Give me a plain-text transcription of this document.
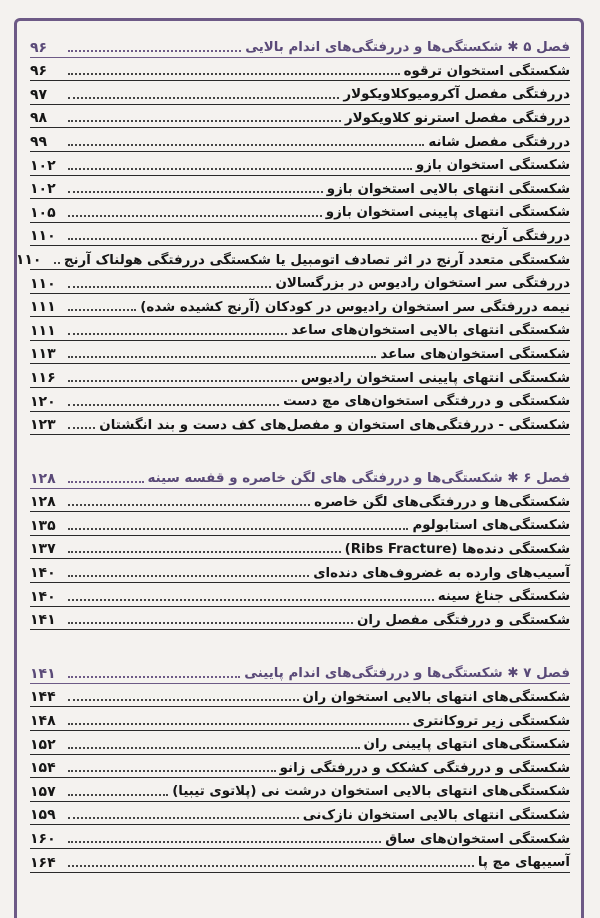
فصل ۵ ✱ شکستگی‌ها و دررفتگی‌های اندام بالایی
۹۶
شکستگی استخوان ترقوه
۹۶
دررفتگی مفصل آکرومیوکلاویکولار
۹۷
دررفتگی مفصل استرنو کلاویکولار
۹۸
دررفتگی مفصل شانه
۹۹
شکستگی استخوان بازو
۱۰۲
شکستگی انتهای بالایی استخوان بازو
۱۰۲
شکستگی انتهای پایینی استخوان بازو
۱۰۵
دررفتگی آرنج
۱۱۰
شکستگی متعدد آرنج در اثر تصادف اتومبیل یا شکستگی دررفتگی هولناک آرنج
۱۱۰
دررفتگی سر استخوان رادیوس در بزرگسالان
۱۱۰
نیمه دررفتگی سر استخوان رادیوس در کودکان (آرنج کشیده شده)
۱۱۱
شکستگی انتهای بالایی استخوان‌های ساعد
۱۱۱
شکستگی استخوان‌های ساعد
۱۱۳
شکستگی انتهای پایینی استخوان رادیوس
۱۱۶
شکستگی و دررفتگی استخوان‌های مچ دست
۱۲۰
شکستگی - دررفتگی‌های استخوان و مفصل‌های کف دست و بند انگشتان
۱۲۳
فصل ۶ ✱ شکستگی‌ها و دررفتگی‌ های لگن خاصره و قفسه سینه
۱۲۸
شکستگی‌ها و دررفتگی‌های لگن خاصره
۱۲۸
شکستگی‌های استابولوم
۱۳۵
شکستگی دنده‌ها (Ribs Fracture)
۱۳۷
آسیب‌های وارده به غضروف‌های دنده‌ای
۱۴۰
شکستگی جناغ سینه
۱۴۰
شکستگی و دررفتگی مفصل ران
۱۴۱
فصل ۷ ✱ شکستگی‌ها و دررفتگی‌های اندام پایینی
۱۴۱
شکستگی‌های انتهای بالایی استخوان ران
۱۴۴
شکستگی زیر تروکانتری
۱۴۸
شکستگی‌های انتهای پایینی ران
۱۵۲
شکستگی و دررفتگی کشکک و دررفتگی زانو
۱۵۴
شکستگی‌های انتهای بالایی استخوان درشت نی (پلاتوی تیبیا)
۱۵۷
شکستگی انتهای بالایی استخوان نازک‌نی
۱۵۹
شکستگی استخوان‌های ساق
۱۶۰
آسیبهای مچ پا
۱۶۴
